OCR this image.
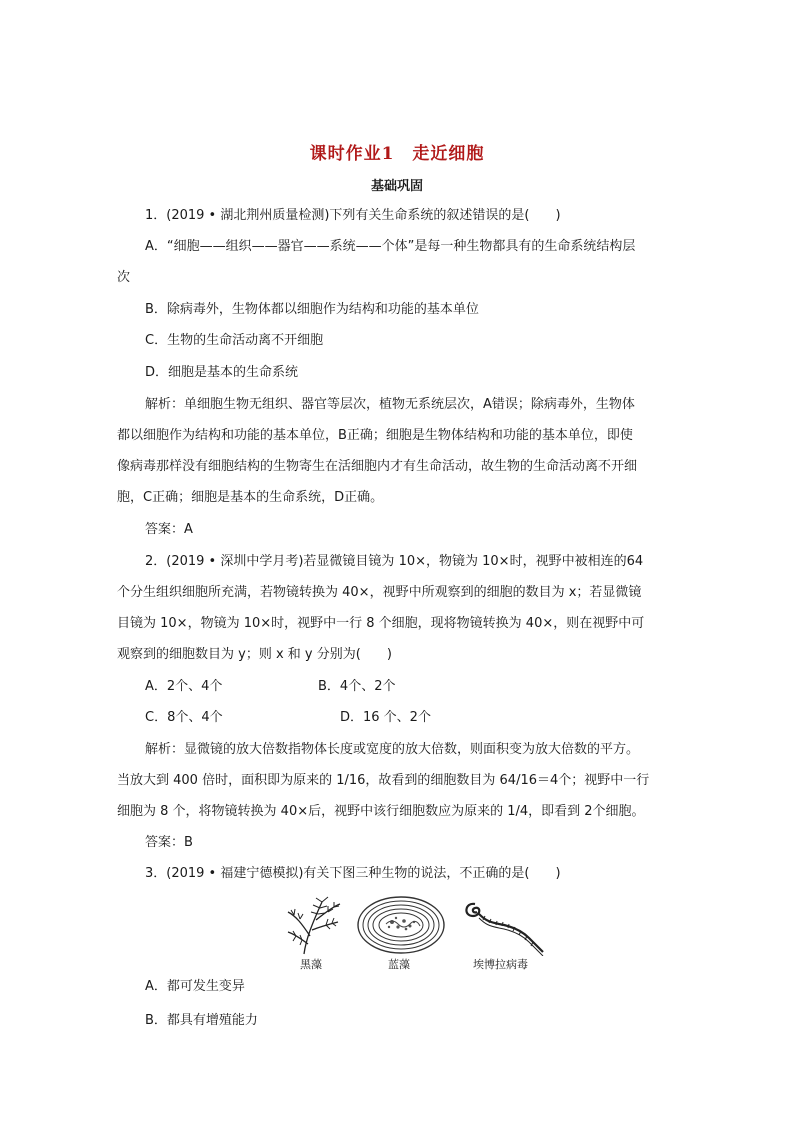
课时作业1　走近细胞
基础巩固
1．(2019 • 湖北荆州质量检测)下列有关生命系统的叙述错误的是(　　)
A．“细胞——组织——器官——系统——个体”是每一种生物都具有的生命系统结构层
次
B．除病毒外，生物体都以细胞作为结构和功能的基本单位
C．生物的生命活动离不开细胞
D．细胞是基本的生命系统
解析：单细胞生物无组织、器官等层次，植物无系统层次，A错误；除病毒外，生物体
都以细胞作为结构和功能的基本单位，B正确；细胞是生物体结构和功能的基本单位，即使
像病毒那样没有细胞结构的生物寄生在活细胞内才有生命活动，故生物的生命活动离不开细
胞，C正确；细胞是基本的生命系统，D正确。
答案：A
2．(2019 • 深圳中学月考)若显微镜目镜为 10×，物镜为 10×时，视野中被相连的64
个分生组织细胞所充满，若物镜转换为 40×，视野中所观察到的细胞的数目为 x；若显微镜
目镜为 10×，物镜为 10×时，视野中一行 8 个细胞，现将物镜转换为 40×，则在视野中可
观察到的细胞数目为 y；则 x 和 y 分别为(　　)
A．2个、4个	B．4个、2个
C．8个、4个	D．16 个、2个
解析：显微镜的放大倍数指物体长度或宽度的放大倍数，则面积变为放大倍数的平方。
当放大到 400 倍时，面积即为原来的 1/16，故看到的细胞数目为 64/16＝4个；视野中一行
细胞为 8 个，将物镜转换为 40×后，视野中该行细胞数应为原来的 1/4，即看到 2个细胞。
答案：B
3．(2019 • 福建宁德模拟)有关下图三种生物的说法，不正确的是(　　)
黑藻	蓝藻	埃博拉病毒
A．都可发生变异
B．都具有增殖能力
